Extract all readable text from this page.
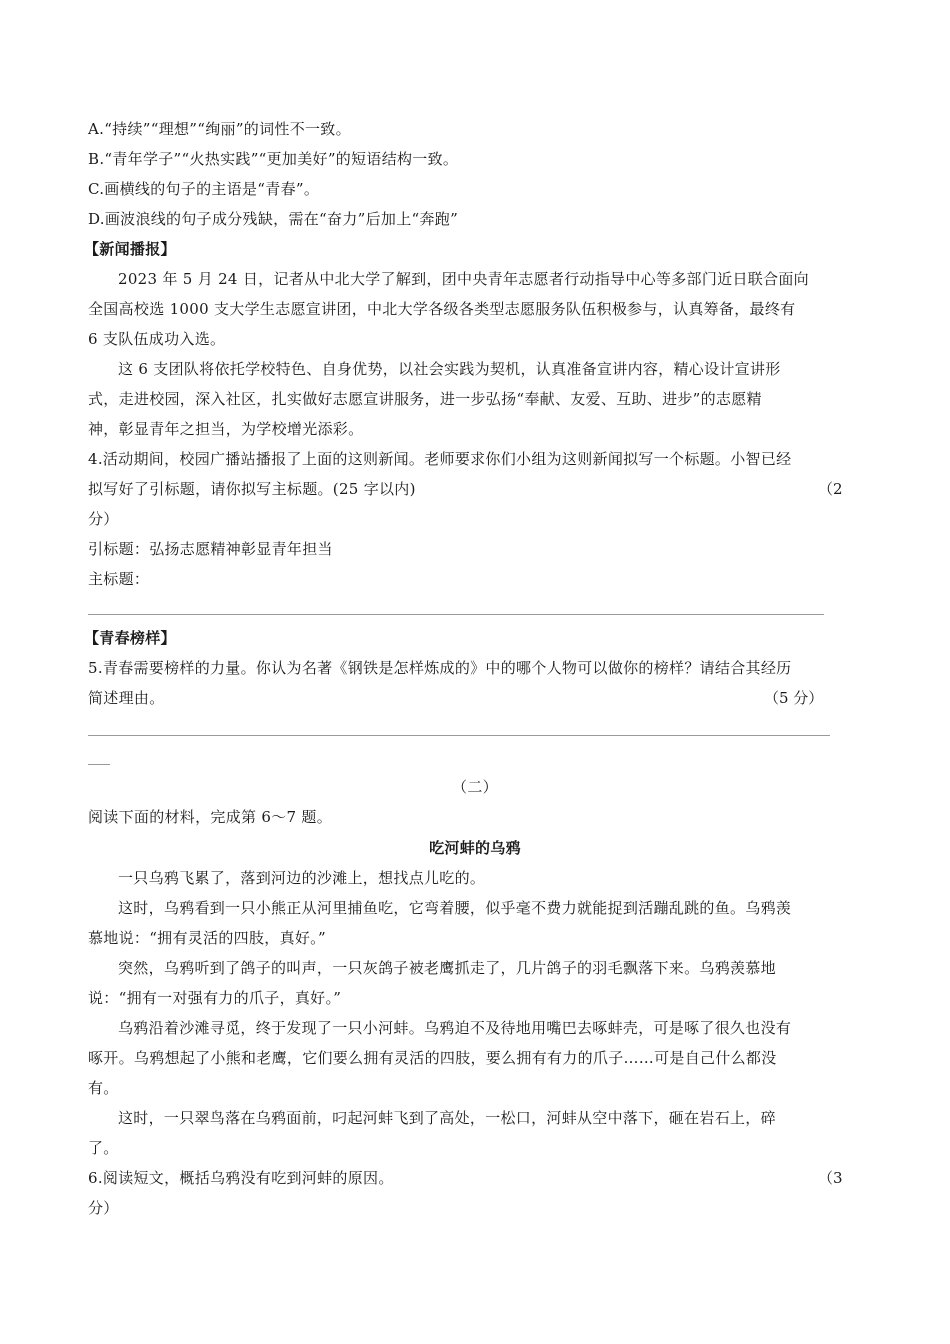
A.“持续”“理想”“绚丽”的词性不一致。
B.“青年学子”“火热实践”“更加美好”的短语结构一致。
C.画横线的句子的主语是“青春”。
D.画波浪线的句子成分残缺，需在“奋力”后加上“奔跑”
【新闻播报】
2023 年 5 月 24 日，记者从中北大学了解到，团中央青年志愿者行动指导中心等多部门近日联合面向
全国高校选 1000 支大学生志愿宣讲团，中北大学各级各类型志愿服务队伍积极参与，认真筹备，最终有
6 支队伍成功入选。
这 6 支团队将依托学校特色、自身优势，以社会实践为契机，认真准备宣讲内容，精心设计宣讲形
式，走进校园，深入社区，扎实做好志愿宣讲服务，进一步弘扬“奉献、友爱、互助、进步”的志愿精
神，彰显青年之担当，为学校增光添彩。
4.活动期间，校园广播站播报了上面的这则新闻。老师要求你们小组为这则新闻拟写一个标题。小智已经
拟写好了引标题，请你拟写主标题。(25 字以内)	（2
分）
引标题：弘扬志愿精神彰显青年担当
主标题：
【青春榜样】
5.青春需要榜样的力量。你认为名著《钢铁是怎样炼成的》中的哪个人物可以做你的榜样？请结合其经历
简述理由。	（5 分）
（二）
阅读下面的材料，完成第 6～7 题。
吃河蚌的乌鸦
一只乌鸦飞累了，落到河边的沙滩上，想找点儿吃的。
这时，乌鸦看到一只小熊正从河里捕鱼吃，它弯着腰，似乎毫不费力就能捉到活蹦乱跳的鱼。乌鸦羡
慕地说：“拥有灵活的四肢，真好。”
突然，乌鸦听到了鸽子的叫声，一只灰鸽子被老鹰抓走了，几片鸽子的羽毛飘落下来。乌鸦羡慕地
说：“拥有一对强有力的爪子，真好。”
乌鸦沿着沙滩寻觅，终于发现了一只小河蚌。乌鸦迫不及待地用嘴巴去啄蚌壳，可是啄了很久也没有
啄开。乌鸦想起了小熊和老鹰，它们要么拥有灵活的四肢，要么拥有有力的爪子……可是自己什么都没
有。
这时，一只翠鸟落在乌鸦面前，叼起河蚌飞到了高处，一松口，河蚌从空中落下，砸在岩石上，碎
了。
6.阅读短文，概括乌鸦没有吃到河蚌的原因。	（3
分）
